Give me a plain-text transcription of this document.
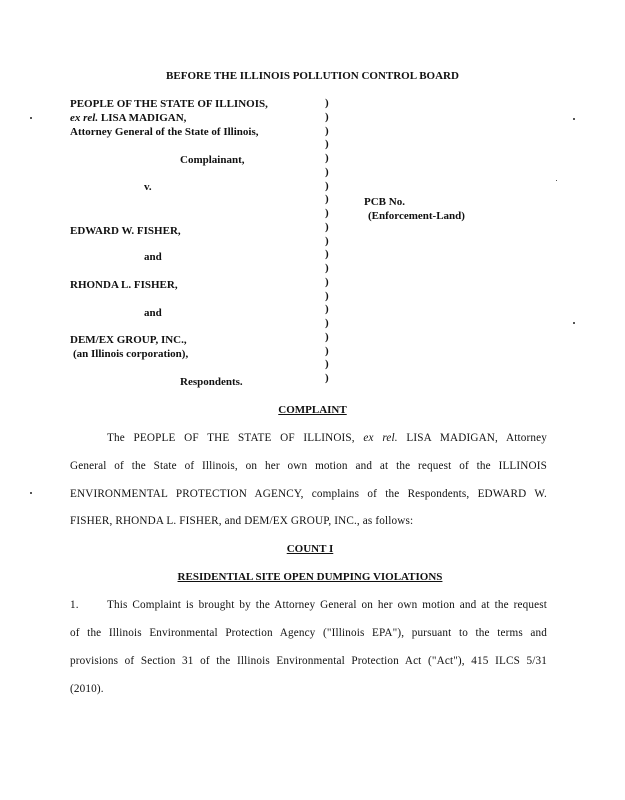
BEFORE THE ILLINOIS POLLUTION CONTROL BOARD
PEOPLE OF THE STATE OF ILLINOIS,
ex rel. LISA MADIGAN,
Attorney General of the State of Illinois,
Complainant,
v.
EDWARD W. FISHER,
and
RHONDA L. FISHER,
and
DEM/EX GROUP, INC.,
(an Illinois corporation),
Respondents.
)
)
)
)
)
)
)
)
)
)
)
)
)
)
)
)
)
)
)
)
)
PCB No.
(Enforcement-Land)
COMPLAINT
The PEOPLE OF THE STATE OF ILLINOIS, ex rel. LISA MADIGAN, Attorney
General of the State of Illinois, on her own motion and at the request of the ILLINOIS
ENVIRONMENTAL PROTECTION AGENCY, complains of the Respondents, EDWARD W.
FISHER, RHONDA L. FISHER, and DEM/EX GROUP, INC., as follows:
COUNT I
RESIDENTIAL SITE OPEN DUMPING VIOLATIONS
1.	This Complaint is brought by the Attorney General on her own motion and at the request
of the Illinois Environmental Protection Agency ("Illinois EPA"), pursuant to the terms and
provisions of Section 31 of the Illinois Environmental Protection Act ("Act"), 415 ILCS 5/31
(2010).
